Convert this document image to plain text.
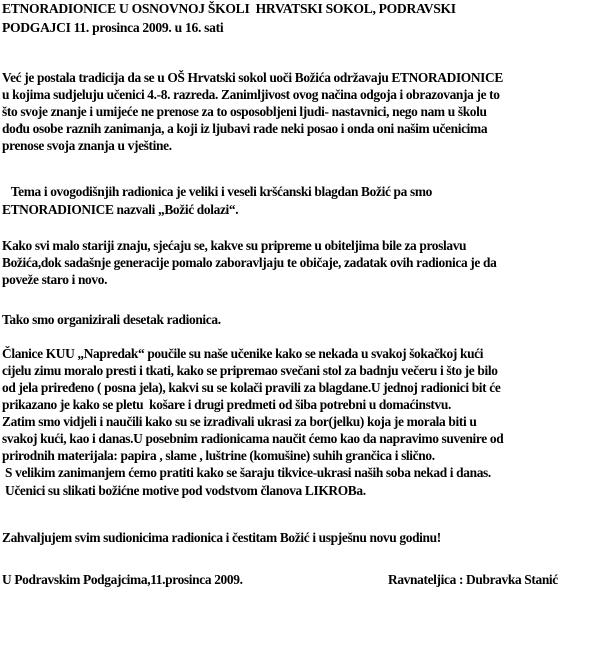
ETNORADIONICE U OSNOVNOJ ŠKOLI  HRVATSKI SOKOL, PODRAVSKI
PODGAJCI 11. prosinca 2009. u 16. sati
Već je postala tradicija da se u OŠ Hrvatski sokol uoči Božića održavaju ETNORADIONICE
u kojima sudjeluju učenici 4.-8. razreda. Zanimljivost ovog načina odgoja i obrazovanja je to
što svoje znanje i umijeće ne prenose za to osposobljeni ljudi- nastavnici, nego nam u školu
dođu osobe raznih zanimanja, a koji iz ljubavi rade neki posao i onda oni našim učenicima
prenose svoja znanja u vještine.
Tema i ovogodišnjih radionica je veliki i veseli kršćanski blagdan Božić pa smo
ETNORADIONICE nazvali „Božić dolazi“.
Kako svi malo stariji znaju, sjećaju se, kakve su pripreme u obiteljima bile za proslavu
Božića,dok sadašnje generacije pomalo zaboravljaju te običaje, zadatak ovih radionica je da
poveže staro i novo.
Tako smo organizirali desetak radionica.
Članice KUU „Napredak“ poučile su naše učenike kako se nekada u svakoj šokačkoj kući
cijelu zimu moralo presti i tkati, kako se pripremao svečani stol za badnju večeru i što je bilo
od jela priređeno ( posna jela), kakvi su se kolači pravili za blagdane.U jednoj radionici bit će
prikazano je kako se pletu  košare i drugi predmeti od šiba potrebni u domaćinstvu.
Zatim smo vidjeli i naučili kako su se izrađivali ukrasi za bor(jelku) koja je morala biti u
svakoj kući, kao i danas.U posebnim radionicama naučit ćemo kao da napravimo suvenire od
prirodnih materijala: papira , slame , luštrine (komušine) suhih grančica i slično.
S velikim zanimanjem ćemo pratiti kako se šaraju tikvice-ukrasi naših soba nekad i danas.
Učenici su slikati božićne motive pod vodstvom članova LIKROBa.
Zahvaljujem svim sudionicima radionica i čestitam Božić i uspješnu novu godinu!

U Podravskim Podgajcima,11.prosinca 2009.

	Ravnateljica : Dubravka Stanić
